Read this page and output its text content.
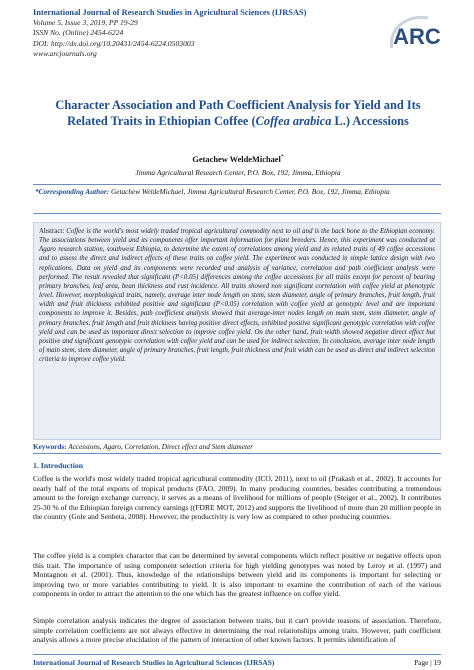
International Journal of Research Studies in Agricultural Sciences (IJRSAS)
Volume 5, Issue 3, 2019, PP 19-29
ISSN No. (Online) 2454-6224
DOI: http://dx.doi.org/10.20431/2454-6224.0503003
www.arcjournals.org
ARC
Character Association and Path Coefficient Analysis for Yield and Its Related Traits in Ethiopian Coffee (Coffea arabica L.) Accessions
Getachew WeldeMichael*
Jimma Agricultural Research Center, P.O. Box, 192, Jimma, Ethiopia
*Corresponding Author: Getachew WeldeMichael, Jimma Agricultural Research Center, P.O. Box, 192, Jimma, Ethiopia
Abstract: Coffee is the world's most widely traded tropical agricultural commodity next to oil and is the back bone to the Ethiopian economy. The associations between yield and its components offer important information for plant breeders. Hence, this experiment was conducted at Agaro research station, southwest Ethiopia, to determine the extent of correlations among yield and its related traits of 49 coffee accessions and to assess the direct and indirect effects of these traits on coffee yield. The experiment was conducted in simple lattice design with two replications. Data on yield and its components were recorded and analysis of variance, correlation and path coefficient analysis were performed. The result revealed that significant (P<0.05) differences among the coffee accessions for all traits except for percent of bearing primary branches, leaf area, bean thickness and rust incidence. All traits showed non significant correlation with coffee yield at phenotypic level. However, morphological traits, namely, average inter node length on stem, stem diameter, angle of primary branches, fruit length, fruit width and fruit thickness exhibited positive and significant (P<0.05) correlation with coffee yield at genotypic level and are important components to improve it. Besides, path coefficient analysis showed that average-inter nodes length on main stem, stem diameter, angle of primary branches, fruit length and fruit thickness having positive direct effects, exhibited positive significant genotypic correlation with coffee yield and can be used as important direct selection to improve coffee yield. On the other hand, fruit width showed negative direct effect but positive and significant genotypic correlation with coffee yield and can be used for indirect selection. In conclusion, average inter node length of main stem, stem diameter, angle of primary branches, fruit length, fruit thickness and fruit width can be used as direct and indirect selection criteria to improve coffee yield.
Keywords: Accessions, Agaro, Correlation, Direct effect and Stem diameter
1. Introduction
Coffee is the world's most widely traded tropical agricultural commodity (ICO, 2011), next to oil (Prakash et al., 2002). It accounts for nearly half of the total exports of tropical products (FAO, 2009). In many producing countries, besides contributing a tremendous amount to the foreign exchange currency, it serves as a means of livelihood for millions of people (Steiger et al., 2002). It contributes 25-30 % of the Ethiopian foreign currency earnings ((FDRE MOT, 2012) and supports the livelihood of more than 20 million people in the country (Gole and Senbeta, 2008). However, the productivity is very low as compared to other producing countries.
The coffee yield is a complex character that can be determined by several components which reflect positive or negative effects upon this trait. The importance of using component selection criteria for high yielding genotypes was noted by Leroy et al. (1997) and Montagnon et al. (2001). Thus, knowledge of the relationships between yield and its components is important for selecting or improving two or more variables contributing to yield. It is also important to examine the contribution of each of the various components in order to attract the attention to the one which has the greatest influence on coffee yield.
Simple correlation analysis indicates the degree of association between traits, but it can't provide reasons of association. Therefore, simple correlation coefficients are not always effective in determining the real relationships among traits. However, path coefficient analysis allows a more precise elucidation of the pattern of interaction of other known factors. It permits identification of
International Journal of Research Studies in Agricultural Sciences (IJRSAS)	Page | 19
